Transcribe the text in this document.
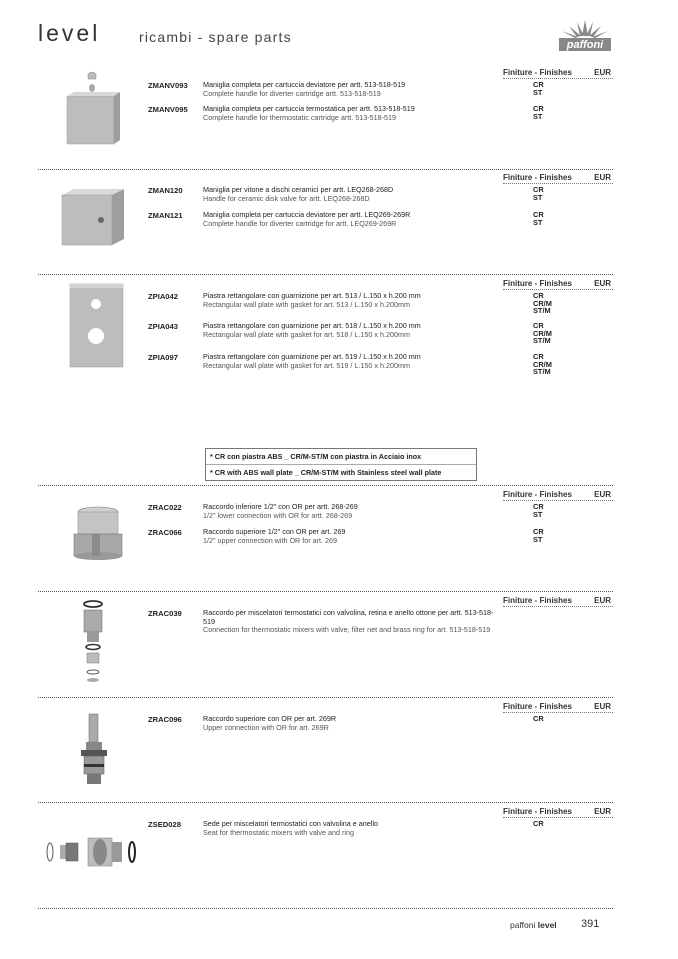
level	ricambi - spare parts	paffoni
Finiture - Finishes	EUR
ZMANV093 Maniglia completa per cartuccia deviatore per artt. 513-518-519
Complete handle for diverter cartridge artt. 513-518-519
CR
ST
ZMANV095 Maniglia completa per cartuccia termostatica per artt. 513-518-519
Complete handle for thermostatic cartridge artt. 513-518-519
CR
ST
Finiture - Finishes	EUR
ZMAN120	Maniglia per vitone a dischi ceramici per artt. LEQ268-268D
Handle for ceramic disk valve for artt. LEQ268-268D
CR
ST
ZMAN121	Maniglia completa per cartuccia deviatore per artt. LEQ269-269R
Complete handle for diverter cartridge for artt. LEQ269-269R
CR
ST
Finiture - Finishes	EUR
ZPIA042	Piastra rettangolare con guarnizione per art. 513 / L.150 x h.200 mm
Rectangular wall plate with gasket for art. 513 / L.150 x h.200mm
CR
CR/M
ST/M
ZPIA043	Piastra rettangolare con guarnizione per art. 518 / L.150 x h.200 mm
Rectangular wall plate with gasket for art. 518 / L.150 x h.200mm
CR
CR/M
ST/M
ZPIA097	Piastra rettangolare con guarnizione per art. 519 / L.150 x h.200 mm
Rectangular wall plate with gasket for art. 519 / L.150 x h.200mm
CR
CR/M
ST/M
* CR con piastra ABS _ CR/M-ST/M con piastra in Acciaio inox
* CR with ABS wall plate _ CR/M-ST/M with Stainless steel wall plate
Finiture - Finishes	EUR
ZRAC022	Raccordo inferiore 1/2" con OR per artt. 268-269
1/2" lower connection with OR for artt. 268-269
CR
ST
ZRAC066	Raccordo superiore 1/2" con OR per art. 269
1/2" upper connection with OR for art. 269
CR
ST
Finiture - Finishes	EUR
ZRAC039	Raccordo per miscelatori termostatici con valvolina, retina e anello ottone per artt. 513-518-519
Connection for thermostatic mixers with valve, filter net and brass ring for art. 513-518-519
Finiture - Finishes	EUR
ZRAC096	Raccordo superiore con OR per art. 269R
Upper connection with OR for art. 269R
CR
Finiture - Finishes	EUR
ZSED028	Sede per miscelatori termostatici con valvolina e anello
Seat for thermostatic mixers with valve and ring
CR
paffoni level 391
